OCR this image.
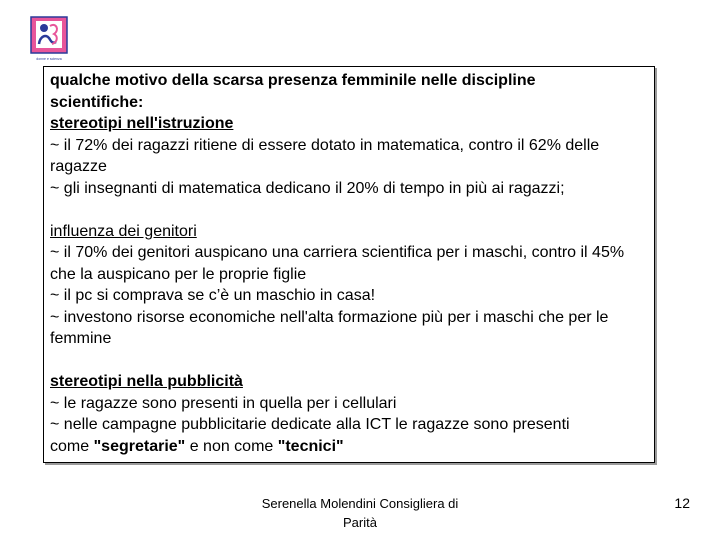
donne e scienza

qualche motivo della scarsa presenza femminile nelle discipline

scientifiche:

stereotipi nell'istruzione

~ il 72% dei ragazzi ritiene di essere dotato in matematica, contro il 62% delle ragazze

~ gli insegnanti di matematica dedicano il 20% di tempo in più ai ragazzi;

influenza dei genitori

~ il 70% dei genitori auspicano una carriera scientifica per i maschi, contro il 45% che la auspicano per le proprie figlie

~ il pc si comprava se c’è un maschio in casa!

~ investono risorse economiche nell'alta formazione più per i maschi che per le femmine

stereotipi nella pubblicità

~ le ragazze sono presenti in quella per i cellulari

~ nelle campagne pubblicitarie dedicate alla ICT le ragazze sono presenti

come "segretarie" e non come "tecnici"

Serenella Molendini Consigliera di
Parità
12
